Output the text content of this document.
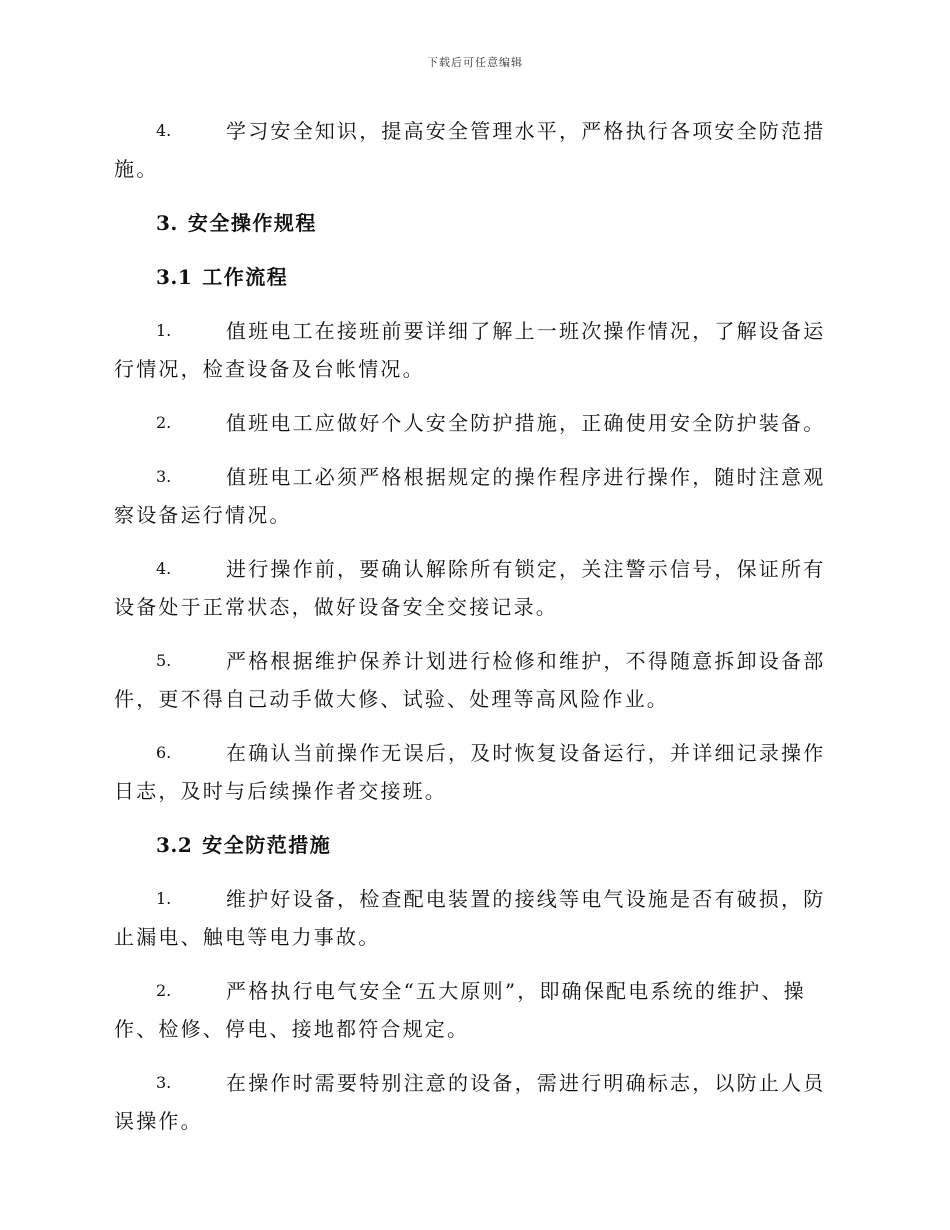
下载后可任意编辑

4.	学习安全知识，提高安全管理水平，严格执行各项安全防范措施。

3. 安全操作规程
3.1 工作流程

1.	值班电工在接班前要详细了解上一班次操作情况，了解设备运行情况，检查设备及台帐情况。

2.	值班电工应做好个人安全防护措施，正确使用安全防护装备。

3.	值班电工必须严格根据规定的操作程序进行操作，随时注意观察设备运行情况。

4.	进行操作前，要确认解除所有锁定，关注警示信号，保证所有设备处于正常状态，做好设备安全交接记录。

5.	严格根据维护保养计划进行检修和维护，不得随意拆卸设备部件，更不得自己动手做大修、试验、处理等高风险作业。

6.	在确认当前操作无误后，及时恢复设备运行，并详细记录操作日志，及时与后续操作者交接班。

3.2 安全防范措施

1.	维护好设备，检查配电装置的接线等电气设施是否有破损，防止漏电、触电等电力事故。

2.	严格执行电气安全“五大原则”，即确保配电系统的维护、操作、检修、停电、接地都符合规定。

3.	在操作时需要特别注意的设备，需进行明确标志，以防止人员误操作。
